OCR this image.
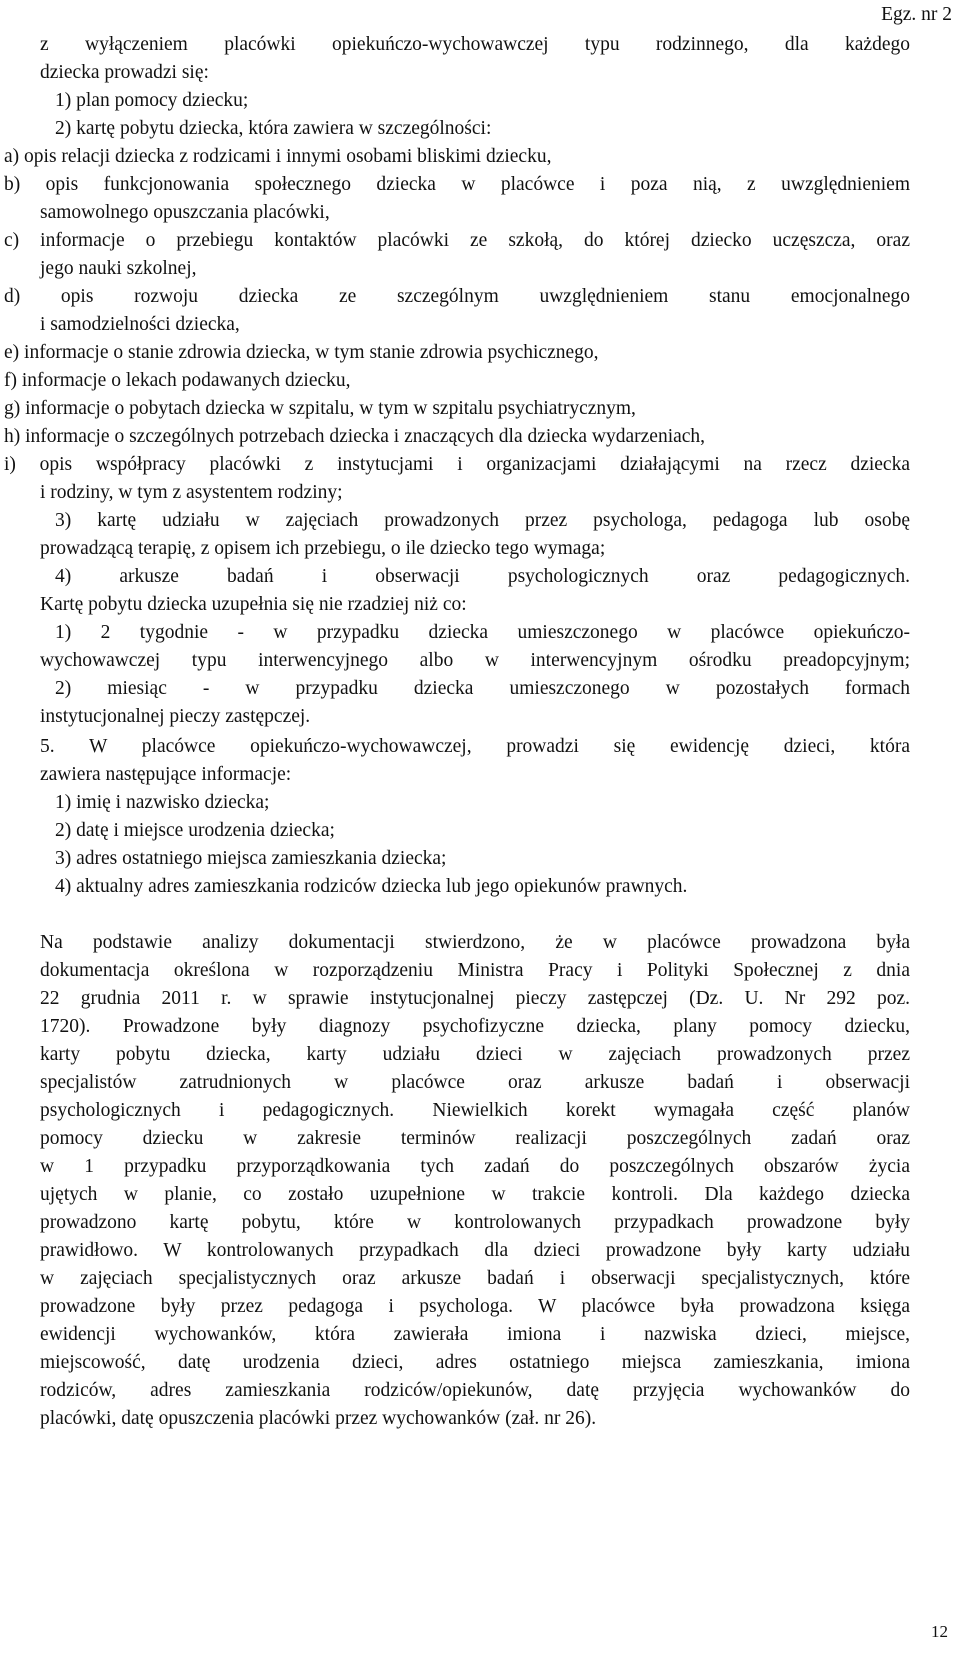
Egz. nr 2
z wyłączeniem placówki opiekuńczo-wychowawczej typu rodzinnego, dla każdego
dziecka prowadzi się:
1) plan pomocy dziecku;
2) kartę pobytu dziecka, która zawiera w szczególności:
a) opis relacji dziecka z rodzicami i innymi osobami bliskimi dziecku,
b) opis funkcjonowania społecznego dziecka w placówce i poza nią, z uwzględnieniem
samowolnego opuszczania placówki,
c) informacje o przebiegu kontaktów placówki ze szkołą, do której dziecko uczęszcza, oraz
jego nauki szkolnej,
d) opis rozwoju dziecka ze szczególnym uwzględnieniem stanu emocjonalnego
i samodzielności dziecka,
e) informacje o stanie zdrowia dziecka, w tym stanie zdrowia psychicznego,
f) informacje o lekach podawanych dziecku,
g) informacje o pobytach dziecka w szpitalu, w tym w szpitalu psychiatrycznym,
h) informacje o szczególnych potrzebach dziecka i znaczących dla dziecka wydarzeniach,
i) opis współpracy placówki z instytucjami i organizacjami działającymi na rzecz dziecka
i rodziny, w tym z asystentem rodziny;
3) kartę udziału w zajęciach prowadzonych przez psychologa, pedagoga lub osobę
prowadzącą terapię, z opisem ich przebiegu, o ile dziecko tego wymaga;
4) arkusze badań i obserwacji psychologicznych oraz pedagogicznych.
Kartę pobytu dziecka uzupełnia się nie rzadziej niż co:
1) 2 tygodnie - w przypadku dziecka umieszczonego w placówce opiekuńczo-
wychowawczej typu interwencyjnego albo w interwencyjnym ośrodku preadopcyjnym;
2) miesiąc - w przypadku dziecka umieszczonego w pozostałych formach
instytucjonalnej pieczy zastępczej.
5. W placówce opiekuńczo-wychowawczej, prowadzi się ewidencję dzieci, która
zawiera następujące informacje:
1) imię i nazwisko dziecka;
2) datę i miejsce urodzenia dziecka;
3) adres ostatniego miejsca zamieszkania dziecka;
4) aktualny adres zamieszkania rodziców dziecka lub jego opiekunów prawnych.
Na podstawie analizy dokumentacji stwierdzono, że w placówce prowadzona była
dokumentacja określona w rozporządzeniu Ministra Pracy i Polityki Społecznej z dnia
22 grudnia 2011 r. w sprawie instytucjonalnej pieczy zastępczej (Dz. U. Nr 292 poz.
1720). Prowadzone były diagnozy psychofizyczne dziecka, plany pomocy dziecku,
karty pobytu dziecka, karty udziału dzieci w zajęciach prowadzonych przez
specjalistów zatrudnionych w placówce oraz arkusze badań i obserwacji
psychologicznych i pedagogicznych. Niewielkich korekt wymagała część planów
pomocy dziecku w zakresie terminów realizacji poszczególnych zadań oraz
w 1 przypadku przyporządkowania tych zadań do poszczególnych obszarów życia
ujętych w planie, co zostało uzupełnione w trakcie kontroli. Dla każdego dziecka
prowadzono kartę pobytu, które w kontrolowanych przypadkach prowadzone były
prawidłowo. W kontrolowanych przypadkach dla dzieci prowadzone były karty udziału
w zajęciach specjalistycznych oraz arkusze badań i obserwacji specjalistycznych, które
prowadzone były przez pedagoga i psychologa. W placówce była prowadzona księga
ewidencji wychowanków, która zawierała imiona i nazwiska dzieci, miejsce,
miejscowość, datę urodzenia dzieci, adres ostatniego miejsca zamieszkania, imiona
rodziców, adres zamieszkania rodziców/opiekunów, datę przyjęcia wychowanków do
placówki, datę opuszczenia placówki przez wychowanków (zał. nr 26).
12
